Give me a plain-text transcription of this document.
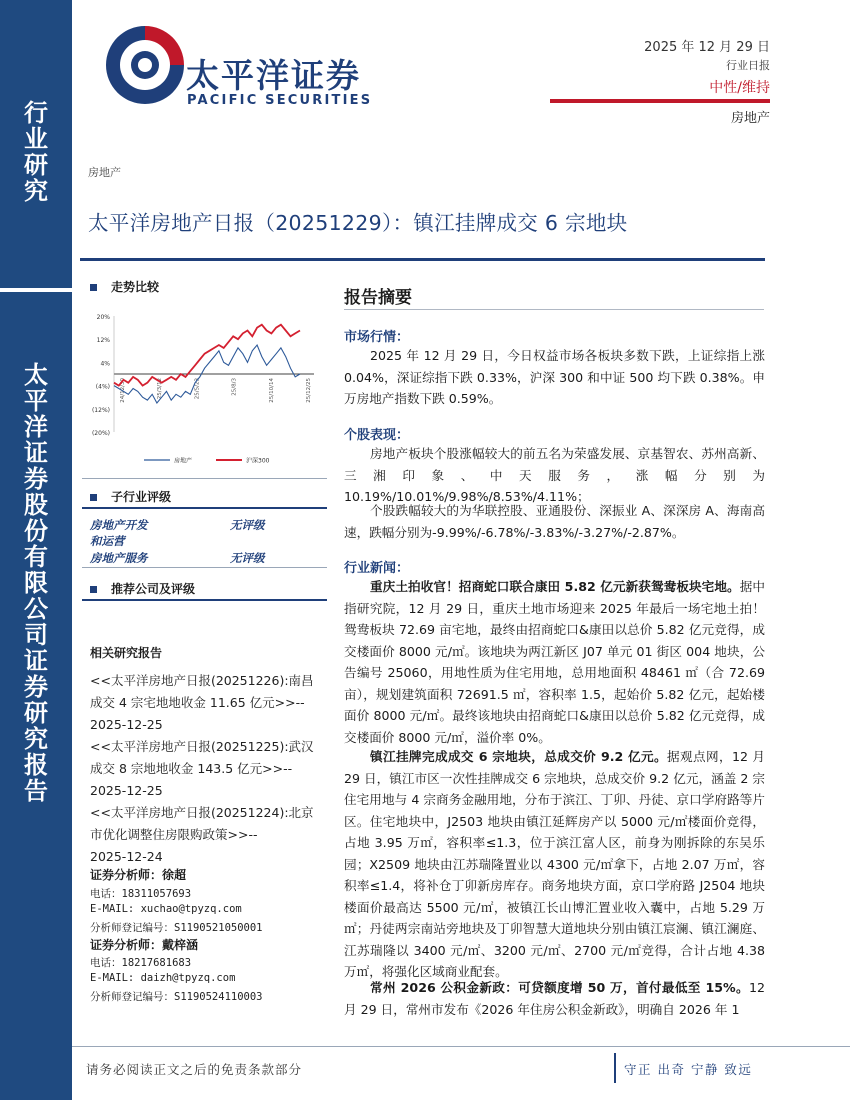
行
业
研
究
太
平
洋
证
券
股
份
有
限
公
司
证
券
研
究
报
告
太平洋证券
PACIFIC SECURITIES
2025 年 12 月 29 日
行业日报
中性/维持
房地产
房地产
太平洋房地产日报（20251229）：镇江挂牌成交 6 宗地块
走势比较
20%
12%
4%
(4%)
(12%)
(20%)
24/12/30	25/3/12	25/5/23	25/8/3	25/10/14	25/12/25
房地产	沪深300
子行业评级
房地产开发	无评级
和运营
房地产服务	无评级
推荐公司及评级
相关研究报告
<<太平洋房地产日报(20251226):南昌成交 4 宗宅地地收金 11.65 亿元>>--
2025-12-25
<<太平洋房地产日报(20251225):武汉成交 8 宗地地收金 143.5 亿元>>--
2025-12-25
<<太平洋房地产日报(20251224):北京市优化调整住房限购政策>>--
2025-12-24
证券分析师：徐超
电话：18311057693
E-MAIL: xuchao@tpyzq.com
分析师登记编号：S1190521050001
证券分析师：戴梓涵
电话：18217681683
E-MAIL: daizh@tpyzq.com
分析师登记编号：S1190524110003
报告摘要
市场行情：
2025 年 12 月 29 日，今日权益市场各板块多数下跌，上证综指上涨 0.04%，深证综指下跌 0.33%，沪深 300 和中证 500 均下跌 0.38%。申万房地产指数下跌 0.59%。
个股表现：
房地产板块个股涨幅较大的前五名为荣盛发展、京基智农、苏州高新、三湘印象、中天服务，涨幅分别为 10.19%/10.01%/9.98%/8.53%/4.11%；
个股跌幅较大的为华联控股、亚通股份、深振业 A、深深房 A、海南高速，跌幅分别为-9.99%/-6.78%/-3.83%/-3.27%/-2.87%。
行业新闻：
重庆土拍收官！招商蛇口联合康田 5.82 亿元新获鸳鸯板块宅地。据中指研究院，12 月 29 日，重庆土地市场迎来 2025 年最后一场宅地土拍！鸳鸯板块 72.69 亩宅地，最终由招商蛇口&康田以总价 5.82 亿元竞得，成交楼面价 8000 元/㎡。该地块为两江新区 J07 单元 01 街区 004 地块，公告编号 25060，用地性质为住宅用地，总用地面积 48461 ㎡（合 72.69 亩），规划建筑面积 72691.5 ㎡，容积率 1.5，起始价 5.82 亿元，起始楼面价 8000 元/㎡。最终该地块由招商蛇口&康田以总价 5.82 亿元竞得，成交楼面价 8000 元/㎡，溢价率 0%。
镇江挂牌完成成交 6 宗地块，总成交价 9.2 亿元。据观点网，12 月 29 日，镇江市区一次性挂牌成交 6 宗地块，总成交价 9.2 亿元，涵盖 2 宗住宅用地与 4 宗商务金融用地，分布于滨江、丁卯、丹徒、京口学府路等片区。住宅地块中，J2503 地块由镇江延辉房产以 5000 元/㎡楼面价竞得，占地 3.95 万㎡，容积率≤1.3，位于滨江富人区，前身为刚拆除的东吴乐园；X2509 地块由江苏瑞隆置业以 4300 元/㎡拿下，占地 2.07 万㎡，容积率≤1.4，将补仓丁卯新房库存。商务地块方面，京口学府路 J2504 地块楼面价最高达 5500 元/㎡，被镇江长山博汇置业收入囊中，占地 5.29 万㎡；丹徒两宗南站旁地块及丁卯智慧大道地块分别由镇江宸澜、镇江澜庭、江苏瑞隆以 3400 元/㎡、3200 元/㎡、2700 元/㎡竞得，合计占地 4.38 万㎡，将强化区域商业配套。
常州 2026 公积金新政：可贷额度增 50 万，首付最低至 15%。12 月 29 日，常州市发布《2026 年住房公积金新政》，明确自 2026 年 1
请务必阅读正文之后的免责条款部分	守正 出奇 宁静 致远
